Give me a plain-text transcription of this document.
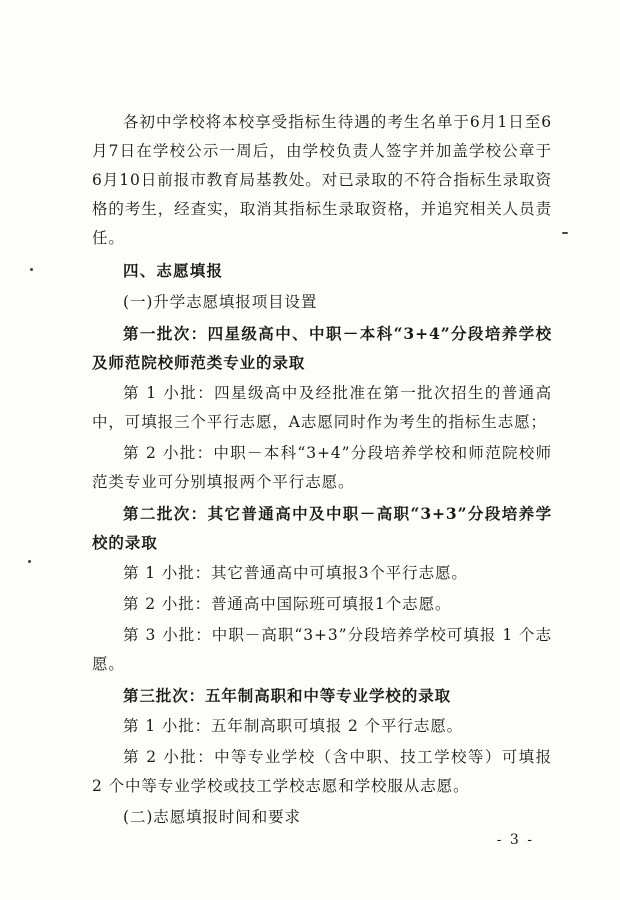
各初中学校将本校享受指标生待遇的考生名单于6月1日至6月7日在学校公示一周后，由学校负责人签字并加盖学校公章于6月10日前报市教育局基教处。对已录取的不符合指标生录取资格的考生，经查实，取消其指标生录取资格，并追究相关人员责任。

四、志愿填报

(一)升学志愿填报项目设置

第一批次：四星级高中、中职－本科“3+4”分段培养学校及师范院校师范类专业的录取

第 1 小批：四星级高中及经批准在第一批次招生的普通高中，可填报三个平行志愿，A志愿同时作为考生的指标生志愿；

第 2 小批：中职－本科“3+4”分段培养学校和师范院校师范类专业可分别填报两个平行志愿。

第二批次：其它普通高中及中职－高职“3+3”分段培养学校的录取

第 1 小批：其它普通高中可填报3个平行志愿。

第 2 小批：普通高中国际班可填报1个志愿。

第 3 小批：中职－高职“3+3”分段培养学校可填报 1 个志愿。

第三批次：五年制高职和中等专业学校的录取

第 1 小批：五年制高职可填报 2 个平行志愿。

第 2 小批：中等专业学校（含中职、技工学校等）可填报 2 个中等专业学校或技工学校志愿和学校服从志愿。

(二)志愿填报时间和要求

- 3 -
